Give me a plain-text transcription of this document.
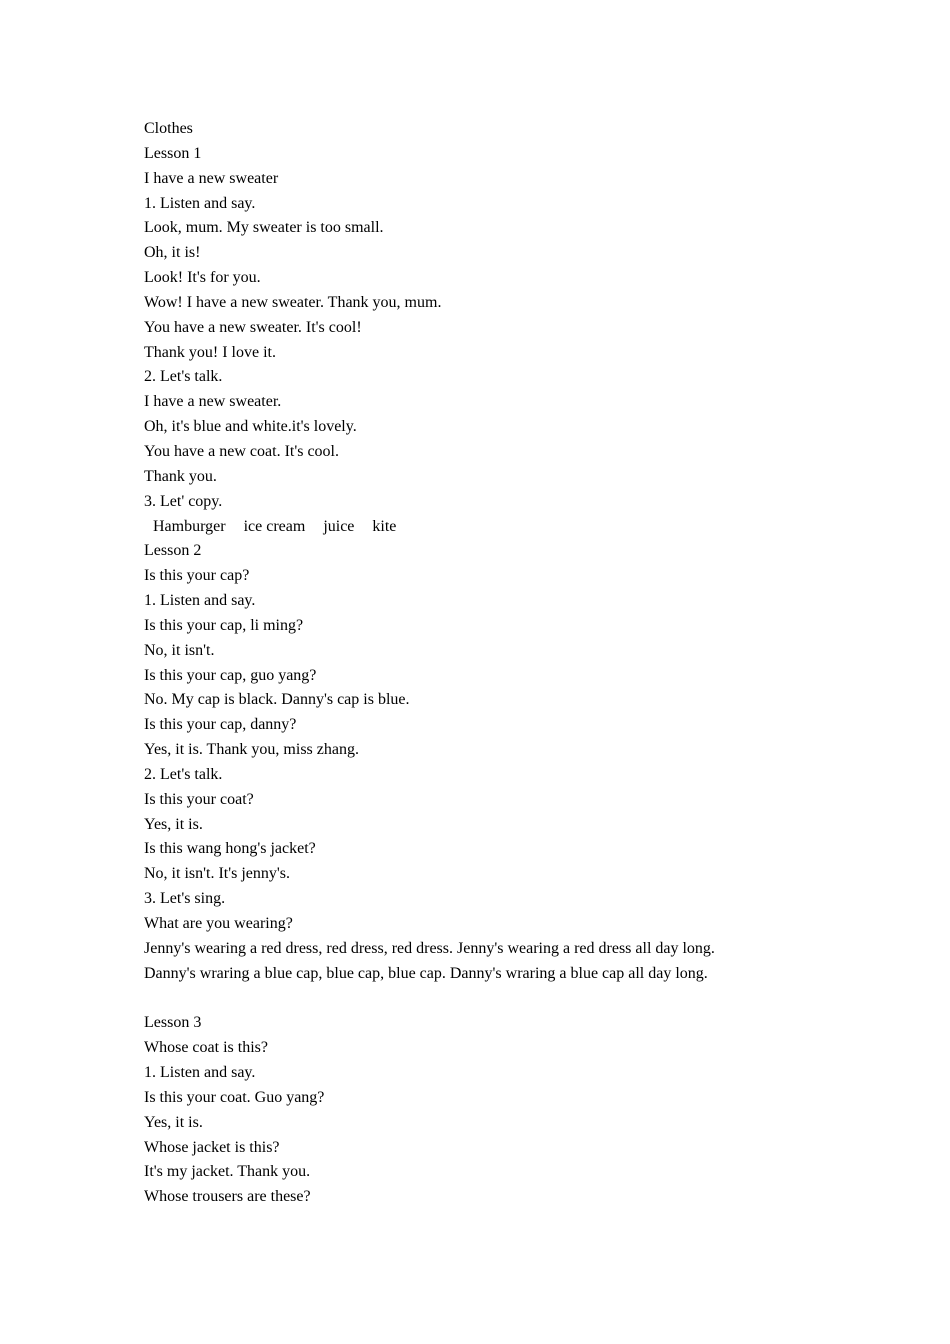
Clothes
Lesson 1
I have a new sweater
1. Listen and say.
Look, mum. My sweater is too small.
Oh, it is!
Look! It's for you.
Wow! I have a new sweater. Thank you, mum.
You have a new sweater. It's cool!
Thank you! I love it.
2. Let's talk.
I have a new sweater.
Oh, it's blue and white.it's lovely.
You have a new coat. It's cool.
Thank you.
3. Let' copy.
Hamburger ice cream juice kite
Lesson 2
Is this your cap?
1. Listen and say.
Is this your cap, li ming?
No, it isn't.
Is this your cap, guo yang?
No. My cap is black. Danny's cap is blue.
Is this your cap, danny?
Yes, it is. Thank you, miss zhang.
2. Let's talk.
Is this your coat?
Yes, it is.
Is this wang hong's jacket?
No, it isn't. It's jenny's.
3. Let's sing.
What are you wearing?
Jenny's wearing a red dress, red dress, red dress. Jenny's wearing a red dress all day long.
Danny's wraring a blue cap, blue cap, blue cap. Danny's wraring a blue cap all day long.
Lesson 3
Whose coat is this?
1. Listen and say.
Is this your coat. Guo yang?
Yes, it is.
Whose jacket is this?
It's my jacket. Thank you.
Whose trousers are these?
